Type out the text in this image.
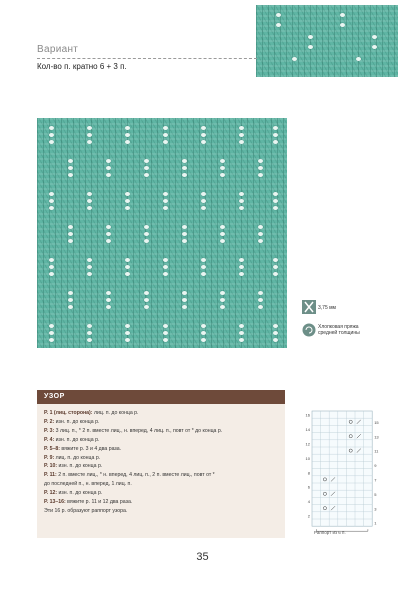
Вариант
Кол-во п. кратно 6 + 3 п.
3,75 мм
Хлопковая пряжа
средней толщины
УЗОР
Р. 1 (лиц. сторона): лиц. п. до конца р.
Р. 2: изн. п. до конца р.
Р. 3: 3 лиц. п., * 2 п. вместе лиц., н. вперед, 4 лиц. п., повт от * до конца р.
Р. 4: изн. п. до конца р.
Р. 5–8: вяжите р. 3 и 4 два раза.
Р. 9: лиц. п. до конца р.
Р. 10: изн. п. до конца р.
Р. 11: 2 п. вместе лиц., * н. вперед, 4 лиц. п., 2 п. вместе лиц., повт от *
до последней п., н. вперед, 1 лиц. п.
Р. 12: изн. п. до конца р.
Р. 13–16: вяжите р. 11 и 12 два раза.
Эти 16 р. образуют раппорт узора.
16
14
12
10
8
6
4
2
15
13
11
9
7
5
3
1
Раппорт из 6 п.
35
